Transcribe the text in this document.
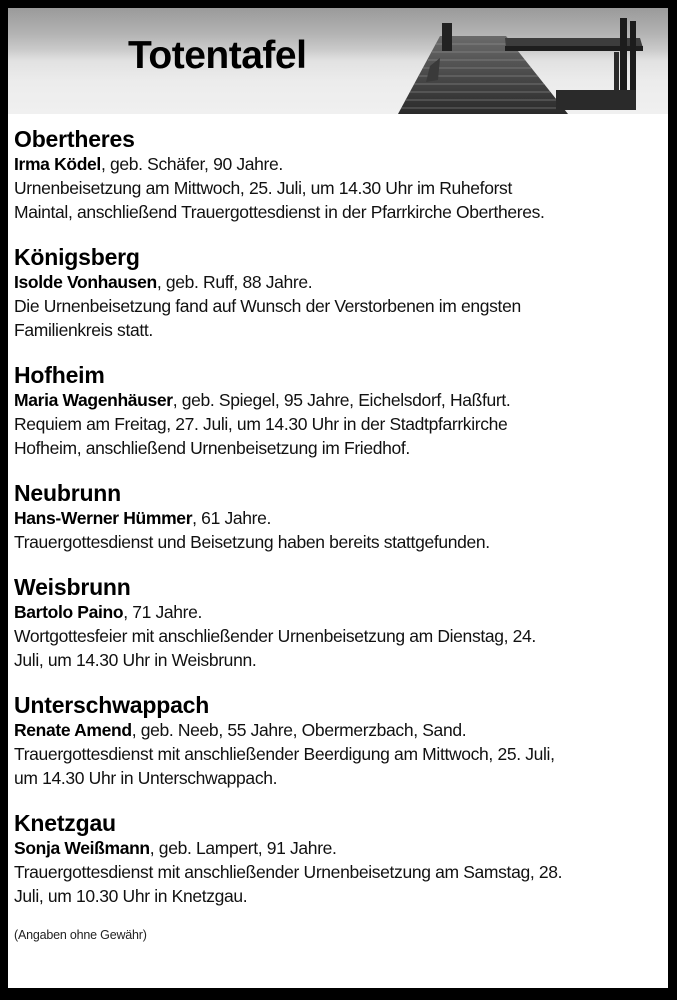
Totentafel
Obertheres
Irma Ködel, geb. Schäfer, 90 Jahre.
Urnenbeisetzung am Mittwoch, 25. Juli, um 14.30 Uhr im Ruheforst
Maintal, anschließend Trauergottesdienst in der Pfarrkirche Obertheres.
Königsberg
Isolde Vonhausen, geb. Ruff, 88 Jahre.
Die Urnenbeisetzung fand auf Wunsch der Verstorbenen im engsten
Familienkreis statt.
Hofheim
Maria Wagenhäuser, geb. Spiegel, 95 Jahre, Eichelsdorf, Haßfurt.
Requiem am Freitag, 27. Juli, um 14.30 Uhr in der Stadtpfarrkirche
Hofheim, anschließend Urnenbeisetzung im Friedhof.
Neubrunn
Hans-Werner Hümmer, 61 Jahre.
Trauergottesdienst und Beisetzung haben bereits stattgefunden.
Weisbrunn
Bartolo Paino, 71 Jahre.
Wortgottesfeier mit anschließender Urnenbeisetzung am Dienstag, 24.
Juli, um 14.30 Uhr in Weisbrunn.
Unterschwappach
Renate Amend, geb. Neeb, 55 Jahre, Obermerzbach, Sand.
Trauergottesdienst mit anschließender Beerdigung am Mittwoch, 25. Juli,
um 14.30 Uhr in Unterschwappach.
Knetzgau
Sonja Weißmann, geb. Lampert, 91 Jahre.
Trauergottesdienst mit anschließender Urnenbeisetzung am Samstag, 28.
Juli, um 10.30 Uhr in Knetzgau.
(Angaben ohne Gewähr)
